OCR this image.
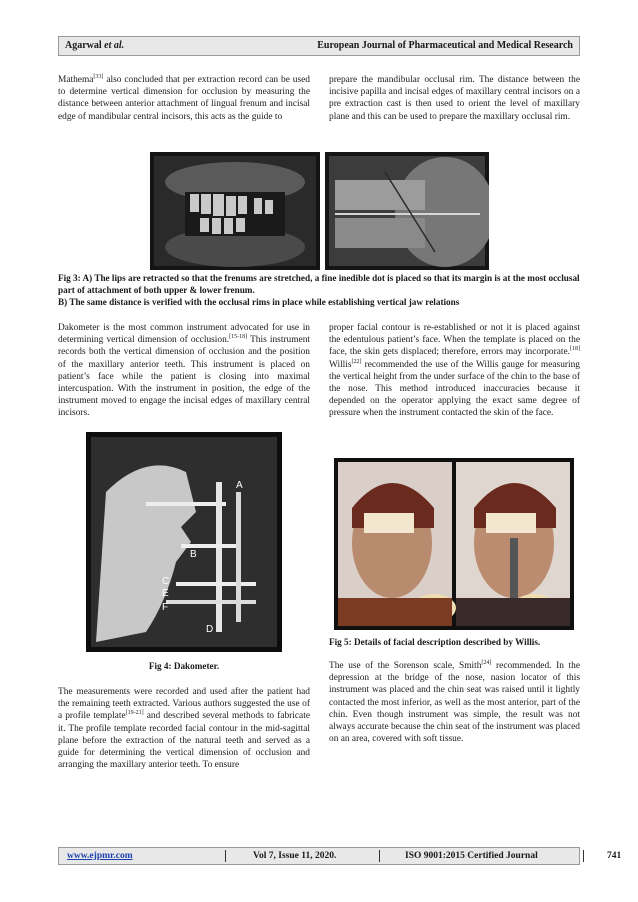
Agarwal et al.	European Journal of Pharmaceutical and Medical Research

Mathema[33] also concluded that per extraction record can be used to determine vertical dimension for occlusion by measuring the distance between anterior attachment of lingual frenum and incisal edge of mandibular central incisors, this acts as the guide to

prepare the mandibular occlusal rim. The distance between the incisive papilla and incisal edges of maxillary central incisors on a pre extraction cast is then used to orient the level of maxillary plane and this can be used to prepare the maxillary occlusal rim.

Fig 3: A) The lips are retracted so that the frenums are stretched, a fine inedible dot is placed so that its margin is at the most occlusal part of attachment of both upper & lower frenum.
B) The same distance is verified with the occlusal rims in place while establishing vertical jaw relations

Dakometer is the most common instrument advocated for use in determining vertical dimension of occlusion.[15-18] This instrument records both the vertical dimension of occlusion and the position of the maxillary anterior teeth. This instrument is placed on patient’s face while the patient is closing into maximal intercuspation. With the instrument in position, the edge of the instrument moved to engage the incisal edges of maxillary central incisors.

proper facial contour is re-established or not it is placed against the edentulous patient’s face. When the template is placed on the face, the skin gets displaced; therefore, errors may incorporate.[18] Willis[22] recommended the use of the Willis gauge for measuring the vertical height from the under surface of the chin to the base of the nose. This method introduced inaccuracies because it depended on the operator applying the exact same degree of pressure when the instrument contacted the skin of the face.

A
B
C
E
F
D
Fig 4: Dakometer.
Fig 5: Details of facial description described by Willis.

The measurements were recorded and used after the patient had the remaining teeth extracted. Various authors suggested the use of a profile template[19-21] and described several methods to fabricate it. The profile template recorded facial contour in the mid-sagittal plane before the extraction of the natural teeth and served as a guide for determining the vertical dimension of occlusion and arranging the maxillary anterior teeth. To ensure

The use of the Sorenson scale, Smith[24] recommended. In the depression at the bridge of the nose, nasion locator of this instrument was placed and the chin seat was raised until it lightly contacted the most inferior, as well as the most anterior, part of the chin. Even though instrument was simple, the result was not always accurate because the chin seat of the instrument was placed on an area, covered with soft tissue.

www.ejpmr.com	Vol 7, Issue 11, 2020.	ISO 9001:2015 Certified Journal	741
